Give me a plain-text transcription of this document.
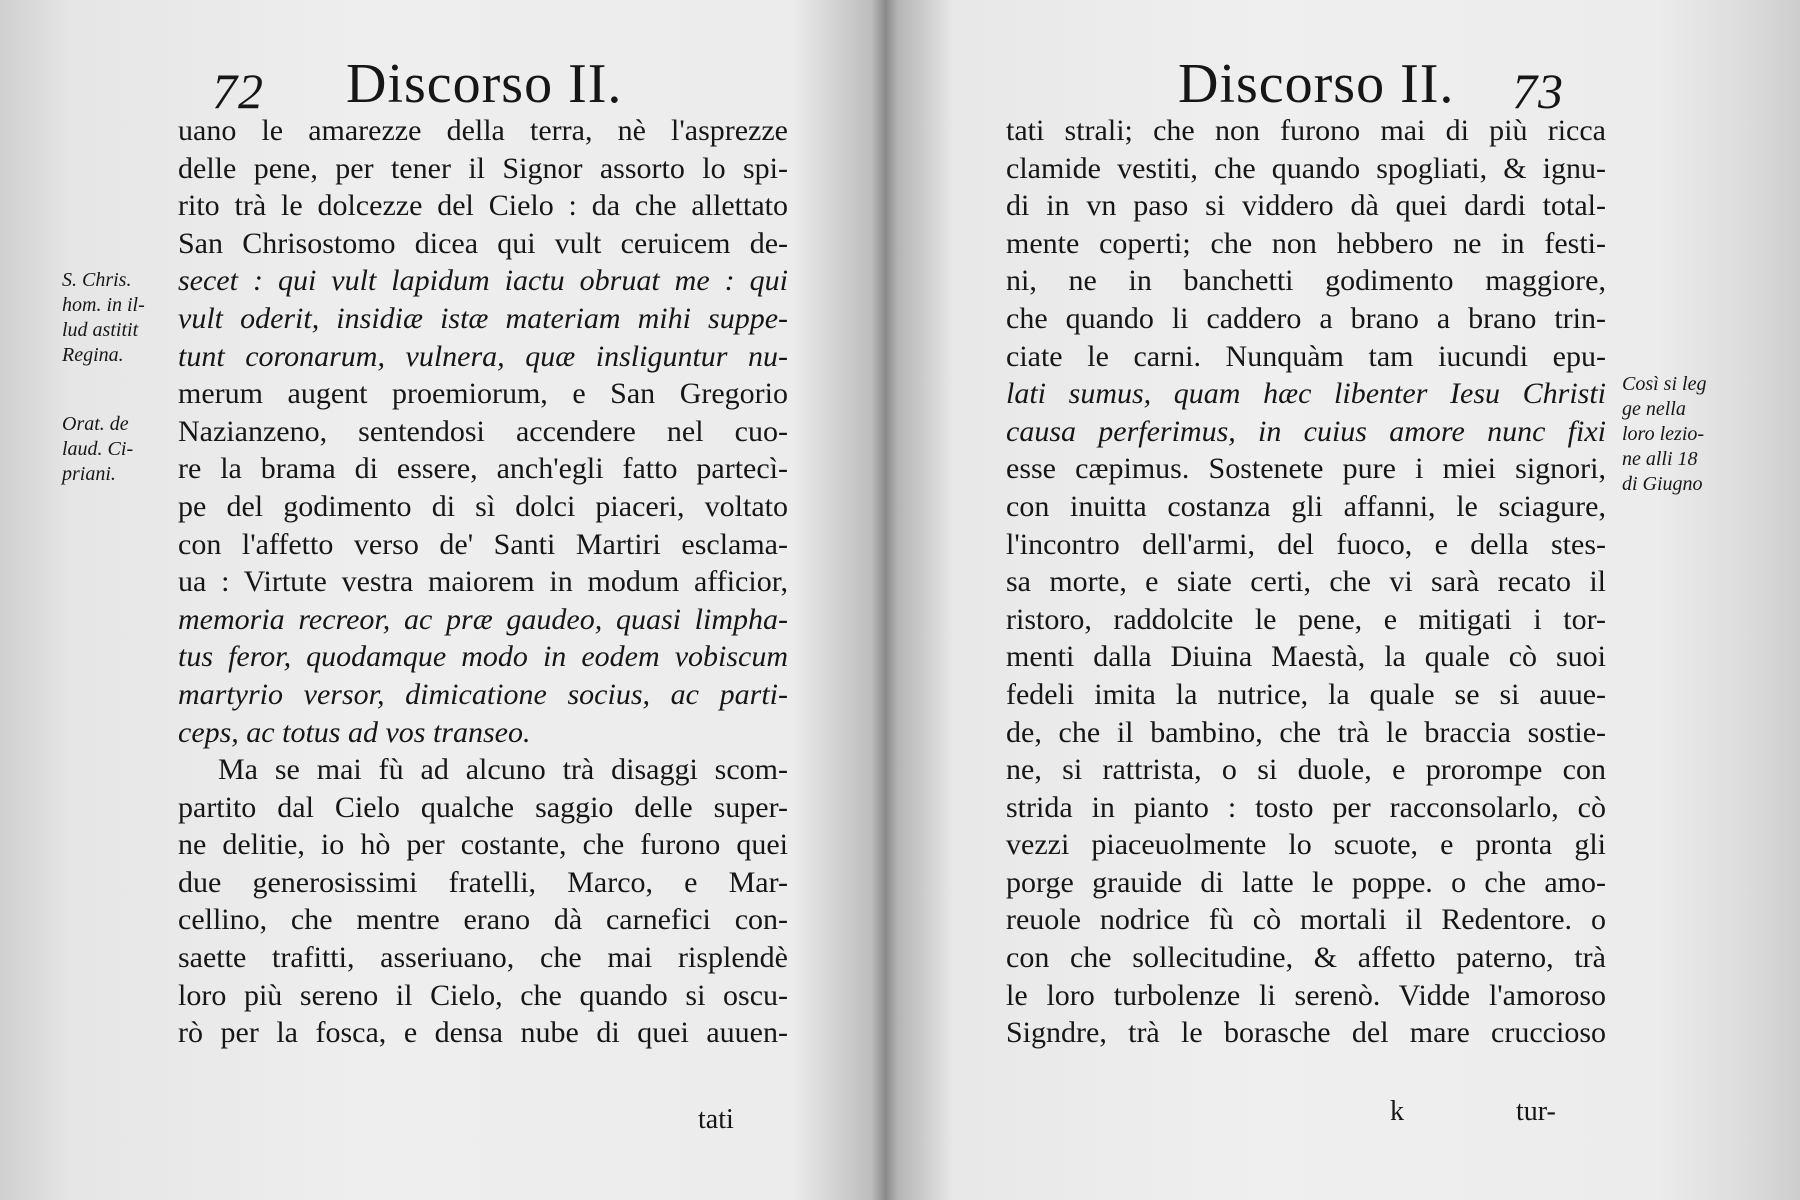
72 Discorso II.
uano le amarezze della terra, nè l'asprezze
delle pene, per tener il Signor assorto lo spi-
rito trà le dolcezze del Cielo : da che allettato
San Chrisostomo dicea qui vult ceruicem de-
secet : qui vult lapidum iactu obruat me : qui
vult oderit, insidiæ istæ materiam mihi suppe-
tunt coronarum, vulnera, quæ insliguntur nu-
merum augent proemiorum, e San Gregorio
Nazianzeno, sentendosi accendere nel cuo-
re la brama di essere, anch'egli fatto partecì-
pe del godimento di sì dolci piaceri, voltato
con l'affetto verso de' Santi Martiri esclama-
ua : Virtute vestra maiorem in modum afficior,
memoria recreor, ac præ gaudeo, quasi limpha-
tus feror, quodamque modo in eodem vobiscum
martyrio versor, dimicatione socius, ac parti-
ceps, ac totus ad vos transeo.
Ma se mai fù ad alcuno trà disaggi scom-
partito dal Cielo qualche saggio delle super-
ne delitie, io hò per costante, che furono quei
due generosissimi fratelli, Marco, e Mar-
cellino, che mentre erano dà carnefici con-
saette trafitti, asseriuano, che mai risplendè
loro più sereno il Cielo, che quando si oscu-
rò per la fosca, e densa nube di quei auuen-
tati
S. Chris.
hom. in il-
lud astitit
Regina.
Orat. de
laud. Ci-
priani.
Discorso II. 73
tati strali; che non furono mai di più ricca
clamide vestiti, che quando spogliati, & ignu-
di in vn paso si viddero dà quei dardi total-
mente coperti; che non hebbero ne in festi-
ni, ne in banchetti godimento maggiore,
che quando li caddero a brano a brano trin-
ciate le carni. Nunquàm tam iucundi epu-
lati sumus, quam hæc libenter Iesu Christi
causa perferimus, in cuius amore nunc fixi
esse cæpimus. Sostenete pure i miei signori,
con inuitta costanza gli affanni, le sciagure,
l'incontro dell'armi, del fuoco, e della stes-
sa morte, e siate certi, che vi sarà recato il
ristoro, raddolcite le pene, e mitigati i tor-
menti dalla Diuina Maestà, la quale cò suoi
fedeli imita la nutrice, la quale se si auue-
de, che il bambino, che trà le braccia sostie-
ne, si rattrista, o si duole, e prorompe con
strida in pianto : tosto per racconsolarlo, cò
vezzi piaceuolmente lo scuote, e pronta gli
porge grauide di latte le poppe. o che amo-
reuole nodrice fù cò mortali il Redentore. o
con che sollecitudine, & affetto paterno, trà
le loro turbolenze li serenò. Vidde l'amoroso
Signdre, trà le borasche del mare crucciosо
k	tur-
Così si leg
ge nella
loro lezio-
ne alli 18
di Giugno
